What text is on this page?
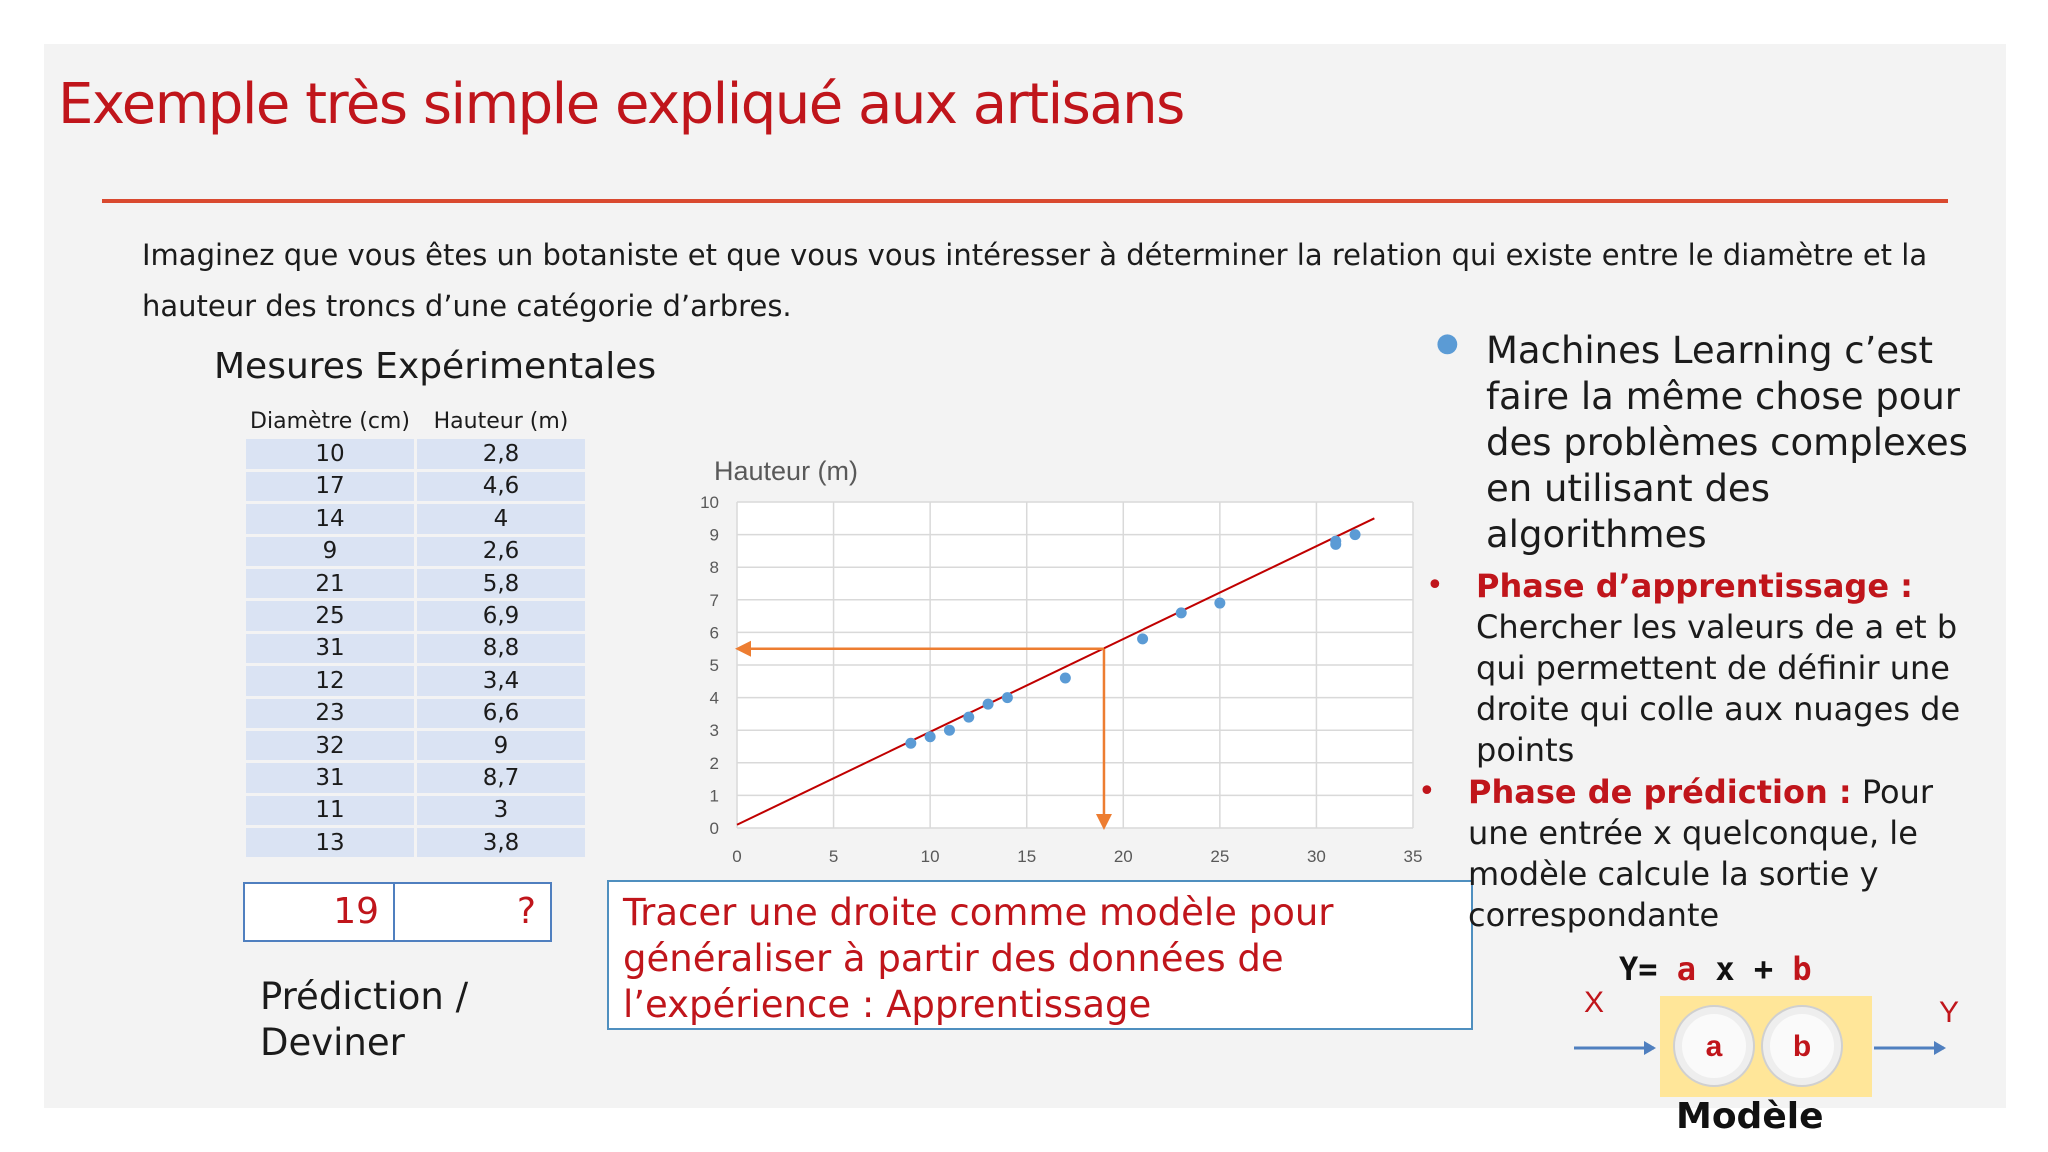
Exemple très simple expliqué aux artisans
Imaginez que vous êtes un botaniste et que vous vous intéresser à déterminer la relation qui existe entre le diamètre et la hauteur des troncs d’une catégorie d’arbres.
Mesures Expérimentales
Diamètre (cm)	Hauteur (m)
10	2,8
17	4,6
14	4
9	2,6
21	5,8
25	6,9
31	8,8
12	3,4
23	6,6
32	9
31	8,7
11	3
13	3,8
19	?
Prédiction /
Deviner
0
1
2
3
4
5
6
7
8
9
10
0	5	10	15	20	25	30	35
Hauteur (m)
Tracer une droite comme modèle pour généraliser à partir des données de l’expérience : Apprentissage
● Machines Learning c’est faire la même chose pour des problèmes complexes en utilisant des algorithmes
• Phase d’apprentissage :
Chercher les valeurs de a et b qui permettent de définir une droite qui colle aux nuages de points
• Phase de prédiction : Pour une entrée x quelconque, le modèle calcule la sortie y correspondante
Y= a x + b
X
a b
Y
Modèle
